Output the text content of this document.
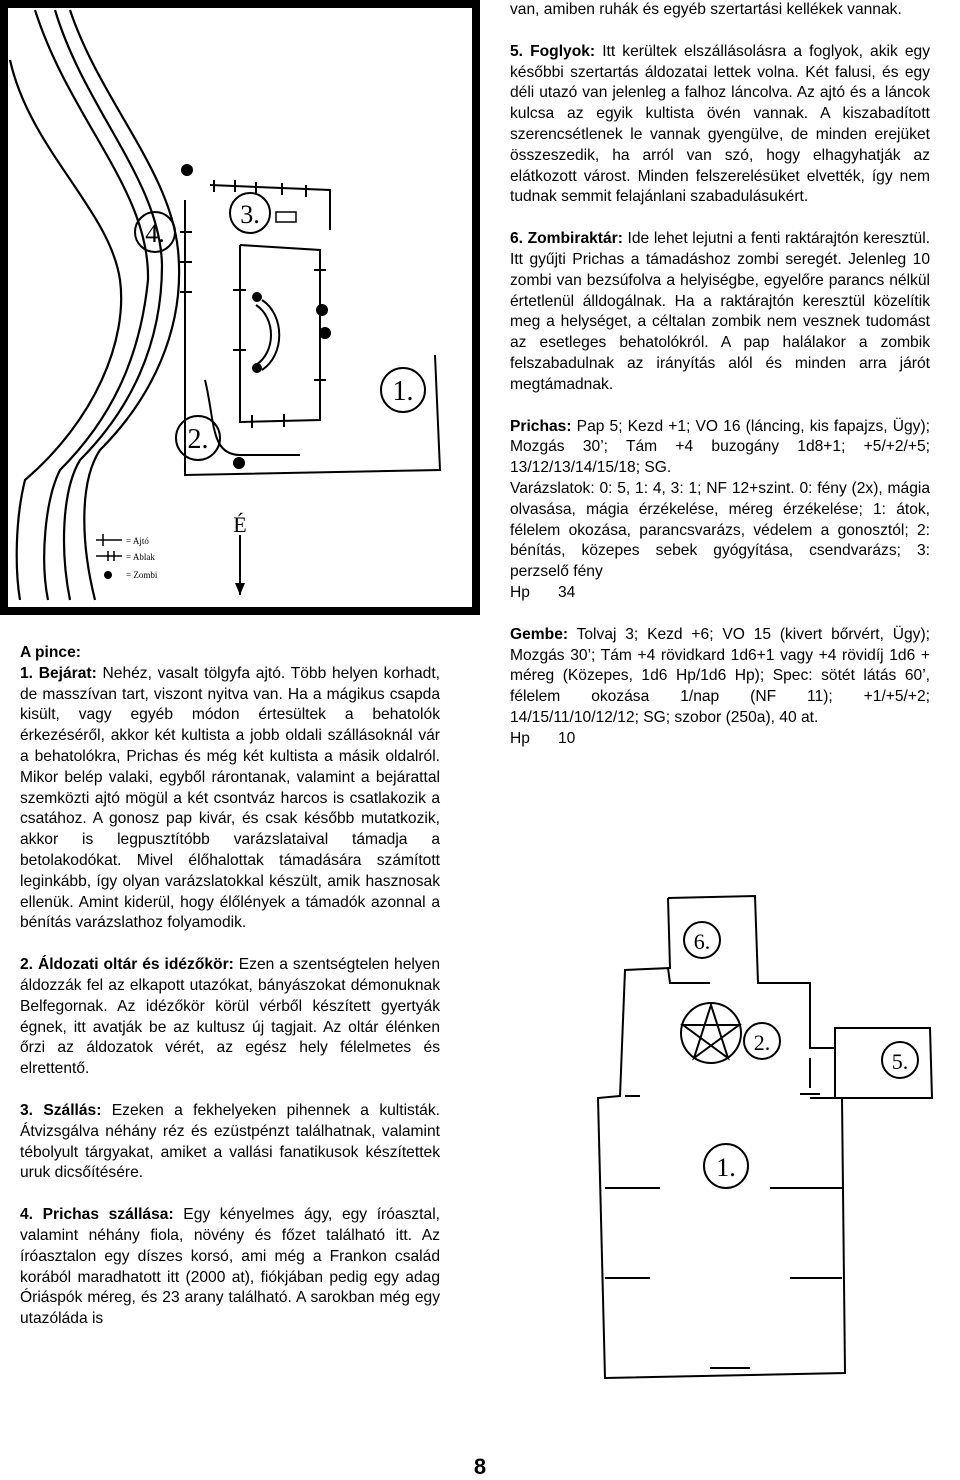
4.
3.
1.
2.
É
= Ajtó
= Ablak
= Zombi
A pince:

1. Bejárat: Nehéz, vasalt tölgyfa ajtó. Több helyen korhadt, de masszívan tart, viszont nyitva van. Ha a mágikus csapda kisült, vagy egyéb módon értesültek a behatolók érkezéséről, akkor két kultista a jobb oldali szállásoknál vár a behatolókra, Prichas és még két kultista a másik oldalról. Mikor belép valaki, egyből rárontanak, valamint a bejárattal szemközti ajtó mögül a két csontváz harcos is csatlakozik a csatához. A gonosz pap kivár, és csak később mutatkozik, akkor is legpusztítóbb varázslataival támadja a betolakodókat. Mivel élőhalottak támadására számított leginkább, így olyan varázslatokkal készült, amik hasznosak ellenük. Amint kiderül, hogy élőlények a támadók azonnal a bénítás varázslathoz folyamodik.

2. Áldozati oltár és idézőkör: Ezen a szentségtelen helyen áldozzák fel az elkapott utazókat, bányászokat démonuknak Belfegornak. Az idézőkör körül vérből készített gyertyák égnek, itt avatják be az kultusz új tagjait. Az oltár élénken őrzi az áldozatok vérét, az egész hely félelmetes és elrettentő.

3. Szállás: Ezeken a fekhelyeken pihennek a kultisták. Átvizsgálva néhány réz és ezüstpénzt találhatnak, valamint tébolyult tárgyakat, amiket a vallási fanatikusok készítettek uruk dicsőítésére.

4. Prichas szállása: Egy kényelmes ágy, egy íróasztal, valamint néhány fiola, növény és főzet található itt. Az íróasztalon egy díszes korsó, ami még a Frankon család korából maradhatott itt (2000 at), fiókjában pedig egy adag Óriáspók méreg, és 23 arany található. A sarokban még egy utazóláda is

van, amiben ruhák és egyéb szertartási kellékek vannak.

5. Foglyok: Itt kerültek elszállásolásra a foglyok, akik egy későbbi szertartás áldozatai lettek volna. Két falusi, és egy déli utazó van jelenleg a falhoz láncolva. Az ajtó és a láncok kulcsa az egyik kultista övén vannak. A kiszabadított szerencsétlenek le vannak gyengülve, de minden erejüket összeszedik, ha arról van szó, hogy elhagyhatják az elátkozott várost. Minden felszerelésüket elvették, így nem tudnak semmit felajánlani szabadulásukért.

6. Zombiraktár: Ide lehet lejutni a fenti raktárajtón keresztül. Itt gyűjti Prichas a támadáshoz zombi seregét. Jelenleg 10 zombi van bezsúfolva a helyiségbe, egyelőre parancs nélkül értetlenül álldogálnak. Ha a raktárajtón keresztül közelítik meg a helységet, a céltalan zombik nem vesznek tudomást az esetleges behatolókról. A pap halálakor a zombik felszabadulnak az irányítás alól és minden arra járót megtámadnak.

Prichas: Pap 5; Kezd +1; VO 16 (láncing, kis fapajzs, Ügy); Mozgás 30’; Tám +4 buzogány 1d8+1; +5/+2/+5; 13/12/13/14/15/18; SG.

Varázslatok: 0: 5, 1: 4, 3: 1; NF 12+szint. 0: fény (2x), mágia olvasása, mágia érzékelése, méreg érzékelése; 1: átok, félelem okozása, parancsvarázs, védelem a gonosztól; 2: bénítás, közepes sebek gyógyítása, csendvarázs; 3: perzselő fény

Hp 34

Gembe: Tolvaj 3; Kezd +6; VO 15 (kivert bőrvért, Ügy); Mozgás 30’; Tám +4 rövidkard 1d6+1 vagy +4 rövidíj 1d6 + méreg (Közepes, 1d6 Hp/1d6 Hp); Spec: sötét látás 60’, félelem okozása 1/nap (NF 11); +1/+5/+2; 14/15/11/10/12/12; SG; szobor (250a), 40 at.

Hp 10

6.
2.
5.
1.
8
